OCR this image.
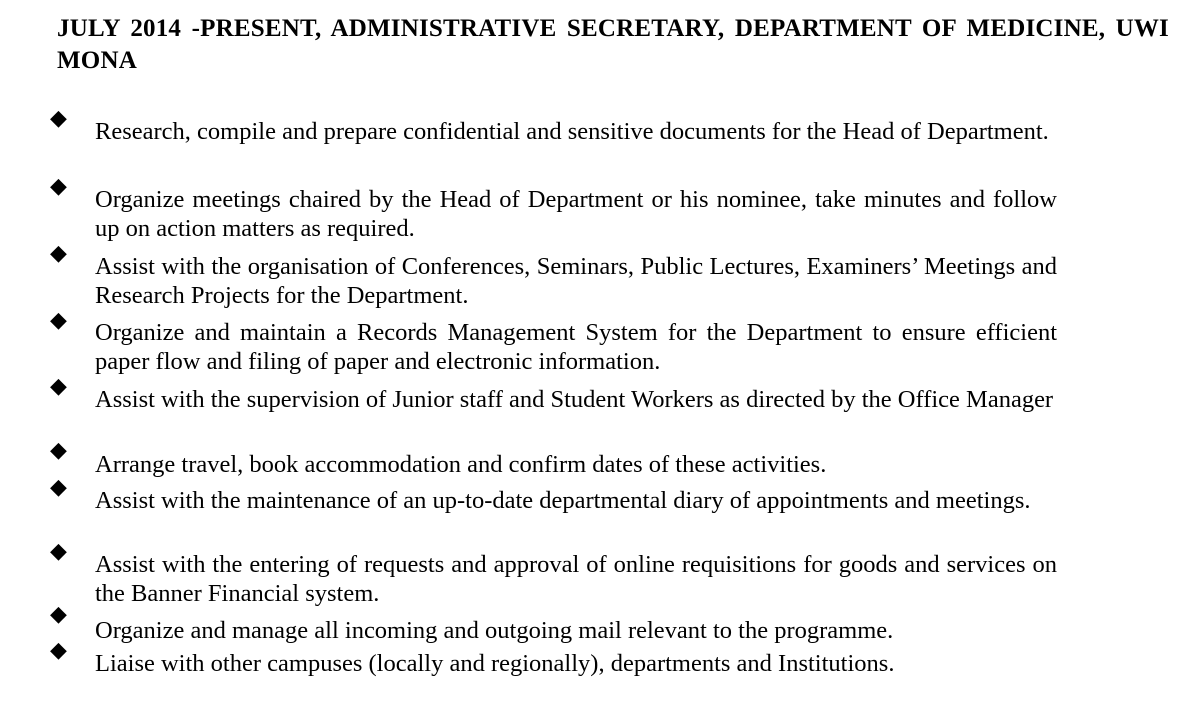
JULY 2014 -PRESENT, ADMINISTRATIVE SECRETARY, DEPARTMENT OF MEDICINE, UWI MONA
◆ Research, compile and prepare confidential and sensitive documents for the Head of Department.

◆ Organize meetings chaired by the Head of Department or his nominee, take minutes and follow up on action matters as required.

◆ Assist with the organisation of Conferences, Seminars, Public Lectures, Examiners’ Meetings and Research Projects for the Department.

◆ Organize and maintain a Records Management System for the Department to ensure efficient paper flow and filing of paper and electronic information.

◆ Assist with the supervision of Junior staff and Student Workers as directed by the Office Manager

◆

Arrange travel, book accommodation and confirm dates of these activities.

◆ Assist with the maintenance of an up-to-date departmental diary of appointments and meetings.

◆ Assist with the entering of requests and approval of online requisitions for goods and services on the Banner Financial system.

◆

Organize and manage all incoming and outgoing mail relevant to the programme.

◆ Liaise with other campuses (locally and regionally), departments and Institutions.
